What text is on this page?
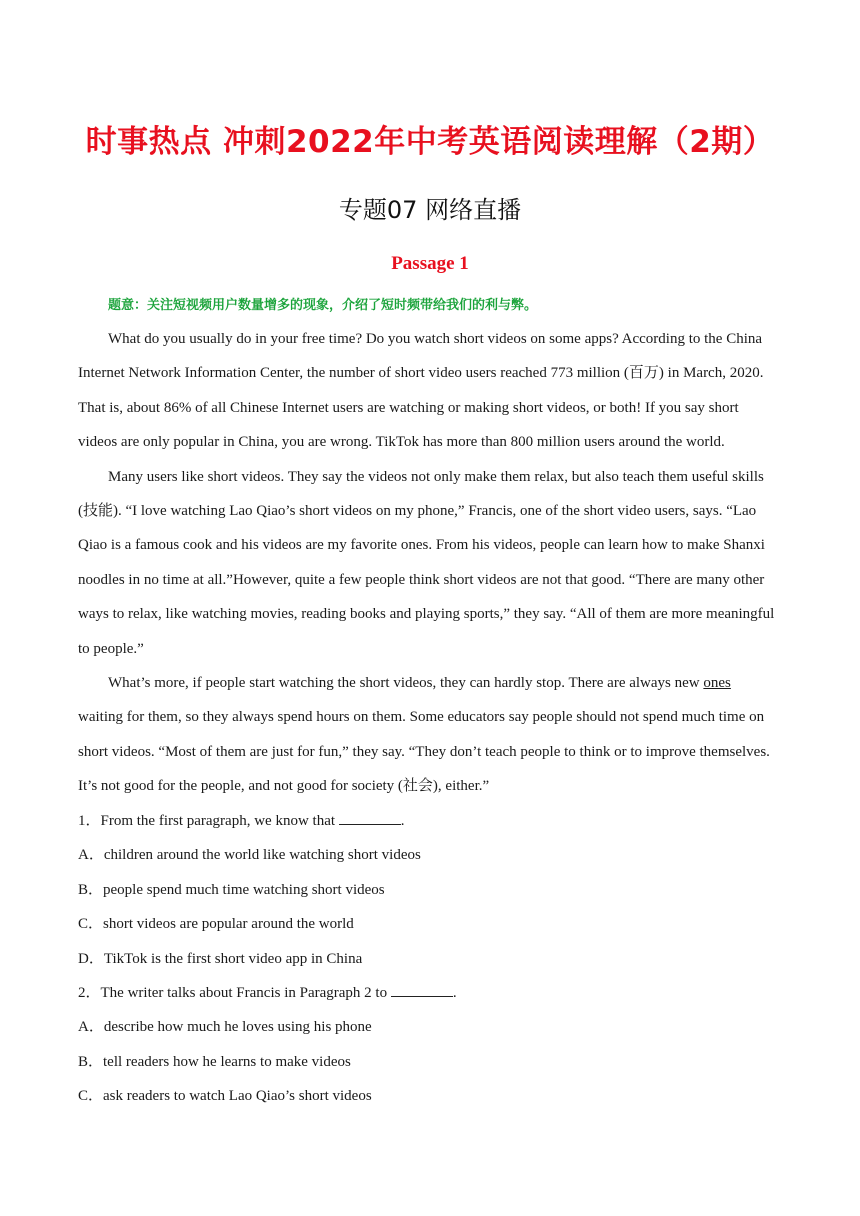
时事热点 冲刺2022年中考英语阅读理解（2期）
专题07 网络直播
Passage 1
题意：关注短视频用户数量增多的现象，介绍了短时频带给我们的利与弊。
What do you usually do in your free time? Do you watch short videos on some apps? According to the China
Internet Network Information Center, the number of short video users reached 773 million (百万) in March, 2020.
That is, about 86% of all Chinese Internet users are watching or making short videos, or both! If you say short
videos are only popular in China, you are wrong. TikTok has more than 800 million users around the world.
Many users like short videos. They say the videos not only make them relax, but also teach them useful skills
(技能). “I love watching Lao Qiao’s short videos on my phone,” Francis, one of the short video users, says. “Lao
Qiao is a famous cook and his videos are my favorite ones. From his videos, people can learn how to make Shanxi
noodles in no time at all.”However, quite a few people think short videos are not that good. “There are many other
ways to relax, like watching movies, reading books and playing sports,” they say. “All of them are more meaningful
to people.”
What’s more, if people start watching the short videos, they can hardly stop. There are always new ones
waiting for them, so they always spend hours on them. Some educators say people should not spend much time on
short videos. “Most of them are just for fun,” they say. “They don’t teach people to think or to improve themselves.
It’s not good for the people, and not good for society (社会), either.”
1．From the first paragraph, we know that	.
A．children around the world like watching short videos
B．people spend much time watching short videos
C．short videos are popular around the world
D．TikTok is the first short video app in China
2．The writer talks about Francis in Paragraph 2 to	.
A．describe how much he loves using his phone
B．tell readers how he learns to make videos
C．ask readers to watch Lao Qiao’s short videos
